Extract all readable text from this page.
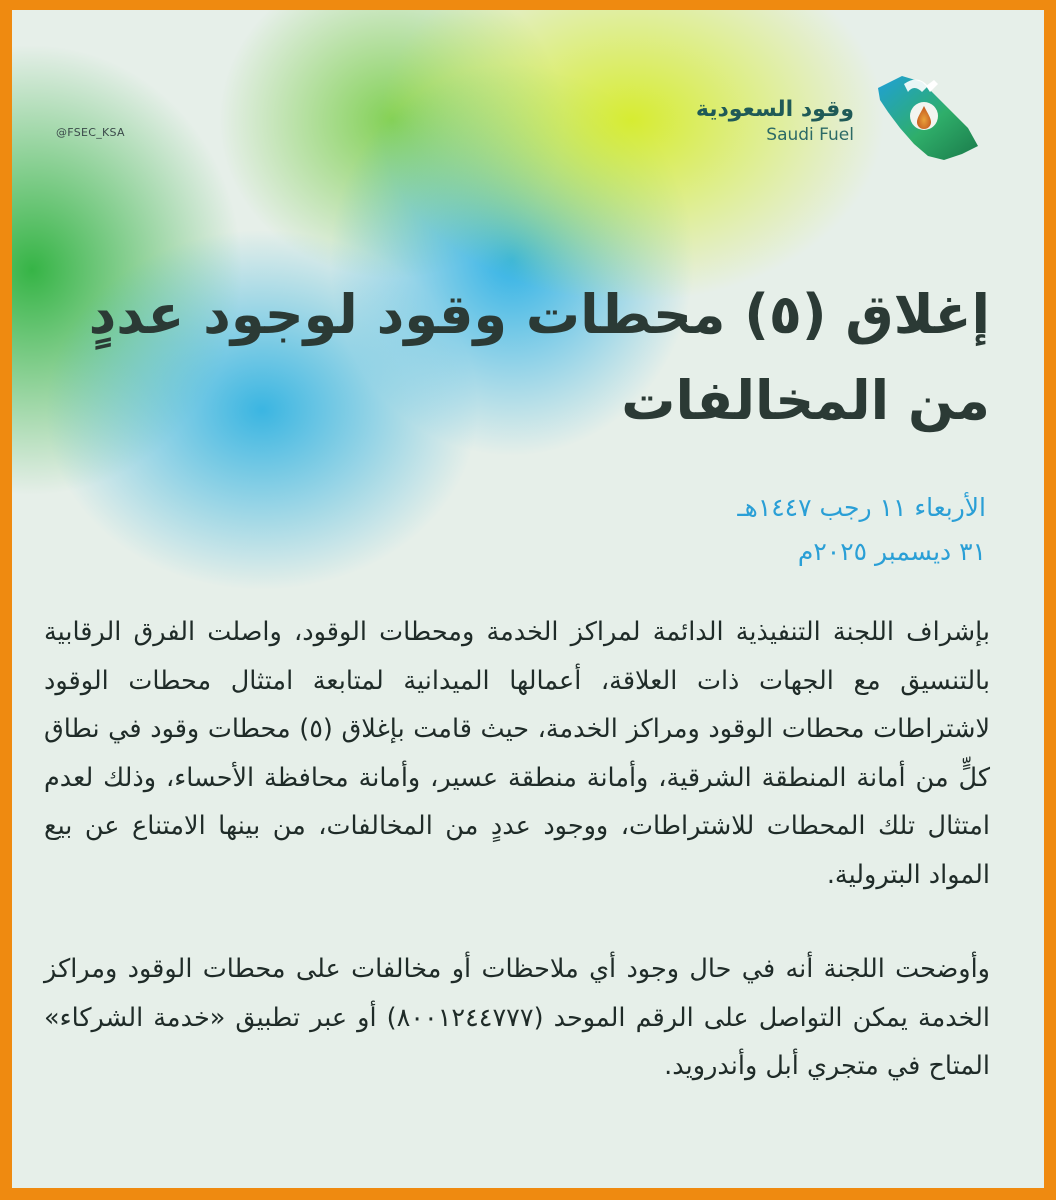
@FSEC_KSA
وقود السعودية
Saudi Fuel
إغلاق (٥) محطات وقود لوجود عددٍ من المخالفات
الأربعاء ١١ رجب ١٤٤٧هـ
٣١ ديسمبر ٢٠٢٥م

بإشراف اللجنة التنفيذية الدائمة لمراكز الخدمة ومحطات الوقود، واصلت الفرق الرقابية بالتنسيق مع الجهات ذات العلاقة، أعمالها الميدانية لمتابعة امتثال محطات الوقود لاشتراطات محطات الوقود ومراكز الخدمة، حيث قامت بإغلاق (٥) محطات وقود في نطاق كلٍّ من أمانة المنطقة الشرقية، وأمانة منطقة عسير، وأمانة محافظة الأحساء، وذلك لعدم امتثال تلك المحطات للاشتراطات، ووجود عددٍ من المخالفات، من بينها الامتناع عن بيع المواد البترولية.

وأوضحت اللجنة أنه في حال وجود أي ملاحظات أو مخالفات على محطات الوقود ومراكز الخدمة يمكن التواصل على الرقم الموحد (٨٠٠١٢٤٤٧٧٧) أو عبر تطبيق «خدمة الشركاء» المتاح في متجري أبل وأندرويد.
